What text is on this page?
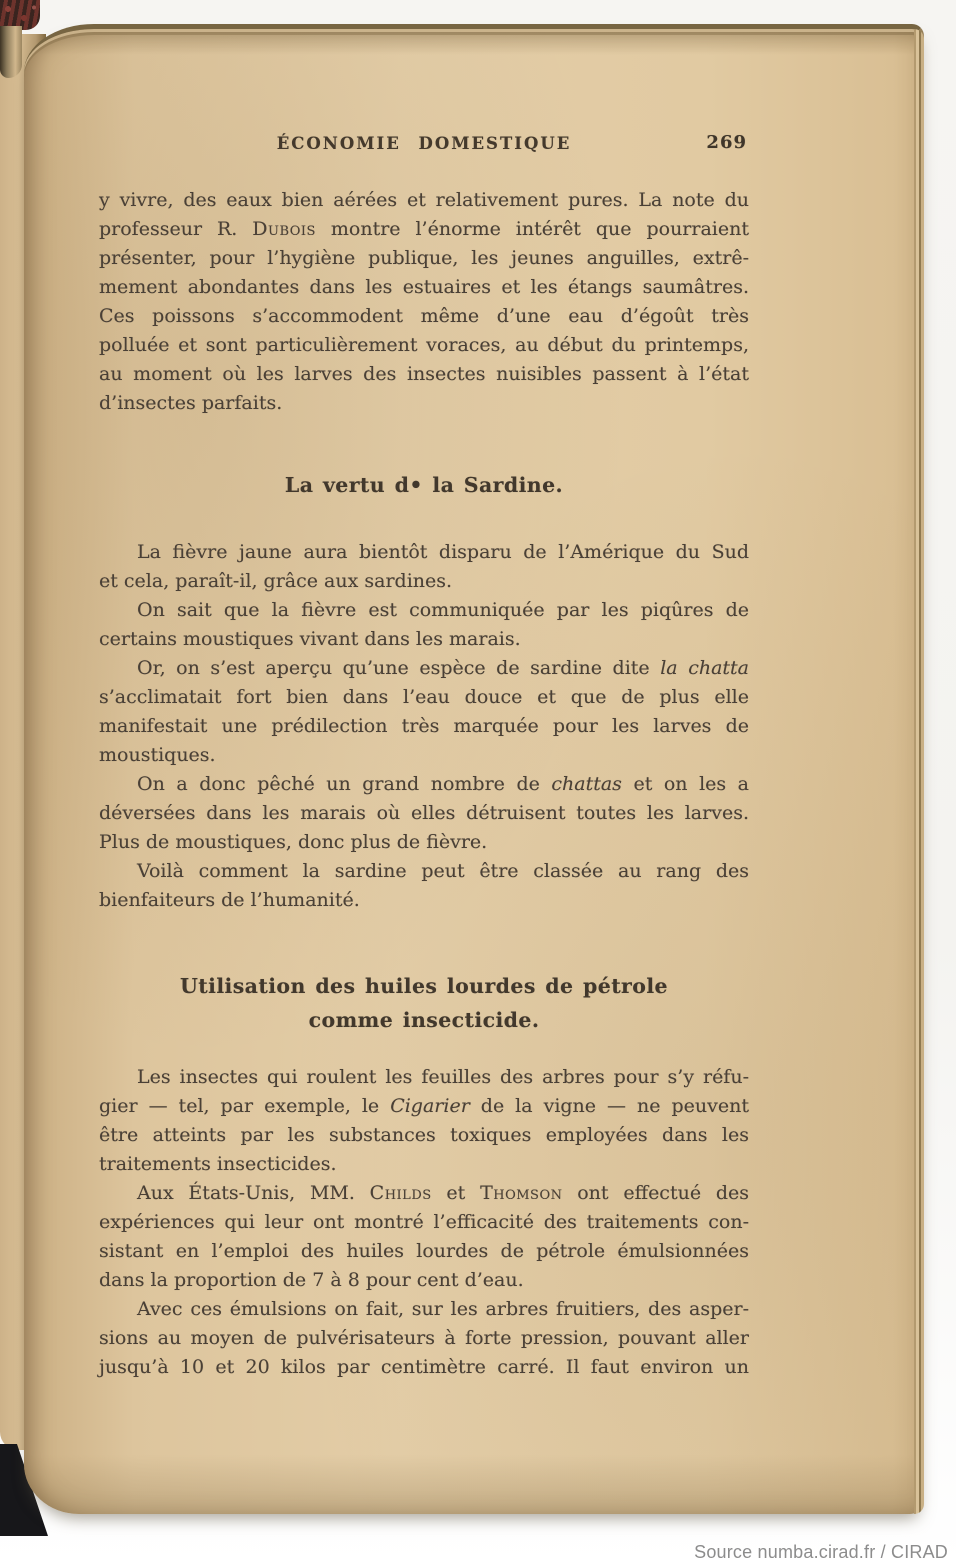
ÉCONOMIE DOMESTIQUE	269
y vivre, des eaux bien aérées et relativement pures. La note du
professeur R. Dubois montre l’énorme intérêt que pourraient
présenter, pour l’hygiène publique, les jeunes anguilles, extrê-
mement abondantes dans les estuaires et les étangs saumâtres.
Ces poissons s’accommodent même d’une eau d’égoût très
polluée et sont particulièrement voraces, au début du printemps,
au moment où les larves des insectes nuisibles passent à l’état
d’insectes parfaits.
La vertu d• la Sardine.
La fièvre jaune aura bientôt disparu de l’Amérique du Sud
et cela, paraît-il, grâce aux sardines.
On sait que la fièvre est communiquée par les piqûres de
certains moustiques vivant dans les marais.
Or, on s’est aperçu qu’une espèce de sardine dite la chatta
s’acclimatait fort bien dans l’eau douce et que de plus elle
manifestait une prédilection très marquée pour les larves de
moustiques.
On a donc pêché un grand nombre de chattas et on les a
déversées dans les marais où elles détruisent toutes les larves.
Plus de moustiques, donc plus de fièvre.
Voilà comment la sardine peut être classée au rang des
bienfaiteurs de l’humanité.
Utilisation des huiles lourdes de pétrole
comme insecticide.
Les insectes qui roulent les feuilles des arbres pour s’y réfu-
gier — tel, par exemple, le Cigarier de la vigne — ne peuvent
être atteints par les substances toxiques employées dans les
traitements insecticides.
Aux États-Unis, MM. Childs et Thomson ont effectué des
expériences qui leur ont montré l’efficacité des traitements con-
sistant en l’emploi des huiles lourdes de pétrole émulsionnées
dans la proportion de 7 à 8 pour cent d’eau.
Avec ces émulsions on fait, sur les arbres fruitiers, des asper-
sions au moyen de pulvérisateurs à forte pression, pouvant aller
jusqu’à 10 et 20 kilos par centimètre carré. Il faut environ un
Source numba.cirad.fr / CIRAD
